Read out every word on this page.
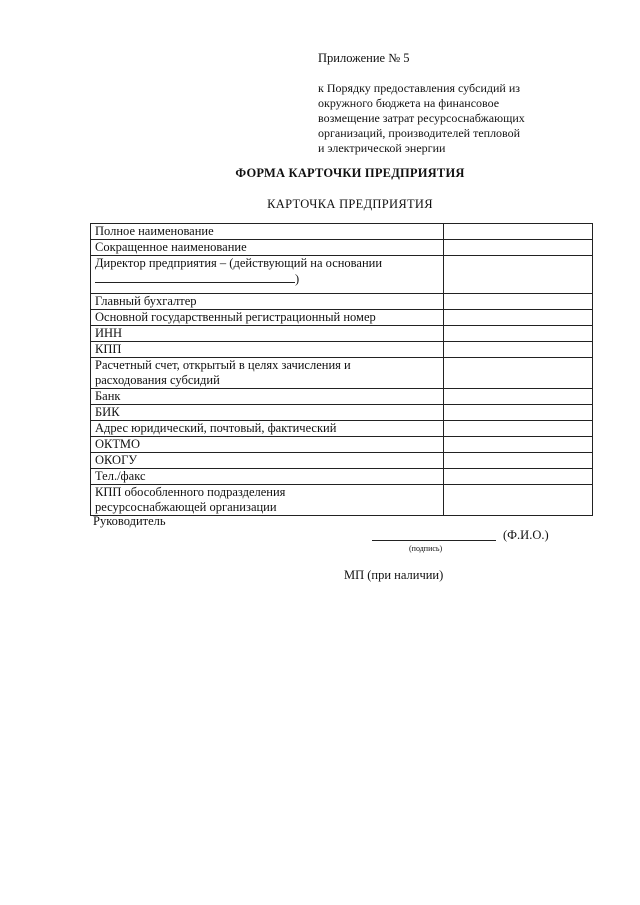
Приложение № 5
к Порядку предоставления субсидий из
окружного бюджета на финансовое
возмещение затрат ресурсоснабжающих
организаций, производителей тепловой
и электрической энергии
ФОРМА КАРТОЧКИ ПРЕДПРИЯТИЯ
КАРТОЧКА ПРЕДПРИЯТИЯ
Полное наименование	
Сокращенное наименование	

Директор предприятия – (действующий на основании
)	

Главный бухгалтер	
Основной государственный регистрационный номер	
ИНН	
КПП	

Расчетный счет, открытый в целях зачисления и
расходования субсидий	

Банк	
БИК	
Адрес юридический, почтовый, фактический	
ОКТМО	
ОКОГУ	
Тел./факс	

КПП обособленного подразделения
ресурсоснабжающей организации	

Руководитель
(Ф.И.О.)
(подпись)
МП (при наличии)
